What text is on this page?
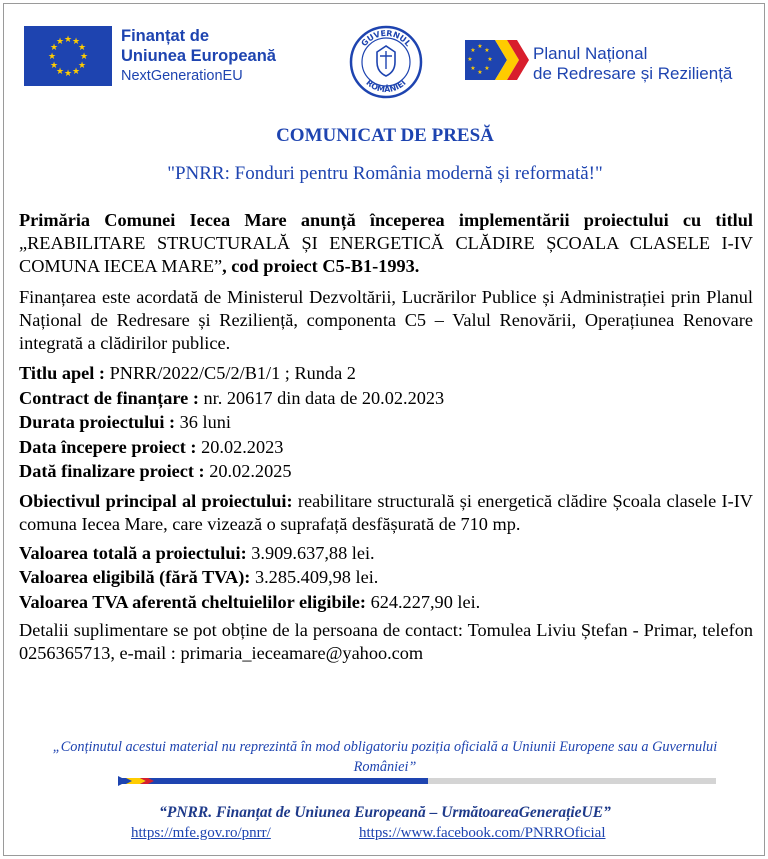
★ ★
★
★
★
★
★
★
★
★
★
★	Finanțat de
Uniunea Europeană
NextGenerationEU
GUVERNUL
ROMÂNIEI
★
★
★
★
★
★
★
★	Planul Național
de Redresare și Reziliență
COMUNICAT DE PRESĂ
"PNRR: Fonduri pentru România modernă și reformată!"

Primăria Comunei Iecea Mare anunță începerea implementării proiectului cu titlul „REABILITARE STRUCTURALĂ ȘI ENERGETICĂ CLĂDIRE ȘCOALA CLASELE I-IV COMUNA IECEA MARE”, cod proiect C5-B1-1993.

Finanțarea este acordată de Ministerul Dezvoltării, Lucrărilor Publice și Administrației prin Planul Național de Redresare și Reziliență, componenta C5 – Valul Renovării, Operațiunea Renovare integrată a clădirilor publice.

Titlu apel : PNRR/2022/C5/2/B1/1 ; Runda 2
Contract de finanțare : nr. 20617 din data de 20.02.2023
Durata proiectului : 36 luni
Data începere proiect : 20.02.2023
Dată finalizare proiect : 20.02.2025

Obiectivul principal al proiectului: reabilitare structurală și energetică clădire Școala clasele I-IV comuna Iecea Mare, care vizează o suprafață desfășurată de 710 mp.

Valoarea totală a proiectului: 3.909.637,88 lei.
Valoarea eligibilă (fără TVA): 3.285.409,98 lei.
Valoarea TVA aferentă cheltuielilor eligibile: 624.227,90 lei.

Detalii suplimentare se pot obține de la persoana de contact: Tomulea Liviu Ștefan - Primar, telefon 0256365713, e-mail : primaria_ieceamare@yahoo.com

„Conținutul acestui material nu reprezintă în mod obligatoriu poziția oficială a Uniunii Europene sau a Guvernului României”
“PNRR. Finanțat de Uniunea Europeană – UrmătoareaGenerațieUE”
https://mfe.gov.ro/pnrr/	https://www.facebook.com/PNRROficial
